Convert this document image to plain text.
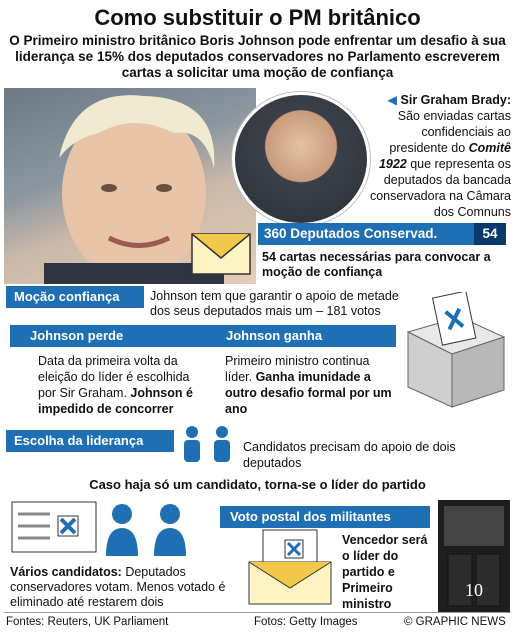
Como substituir o PM britânico
O Primeiro ministro britânico Boris Johnson pode enfrentar um desafio à sua liderança se 15% dos deputados conservadores no Parlamento escreverem cartas a solicitar uma moção de confiança
◀ Sir Graham Brady:
São enviadas cartas confidenciais ao presidente do Comitê 1922 que representa os deputados da bancada conservadora na Câmara dos Comnuns
360 Deputados Conservad.	54
54 cartas necessárias para convocar a moção de confiança
Moção confiança	Johnson tem que garantir o apoio de metade dos seus deputados mais um – 181 votos
Johnson perde	Johnson ganha
Data da primeira volta da eleição do líder é escolhida por Sir Graham. Johnson é impedido de concorrer
Primeiro ministro continua líder. Ganha imunidade a outro desafio formal por um ano
Escolha da liderança	Candidatos precisam do apoio de dois deputados
Caso haja só um candidato, torna-se o líder do partido
Voto postal dos militantes
Vencedor será o líder do partido e Primeiro ministro
10
Vários candidatos: Deputados conservadores votam. Menos votado é eliminado até restarem dois
Fontes: Reuters, UK Parliament	Fotos: Getty Images	© GRAPHIC NEWS
